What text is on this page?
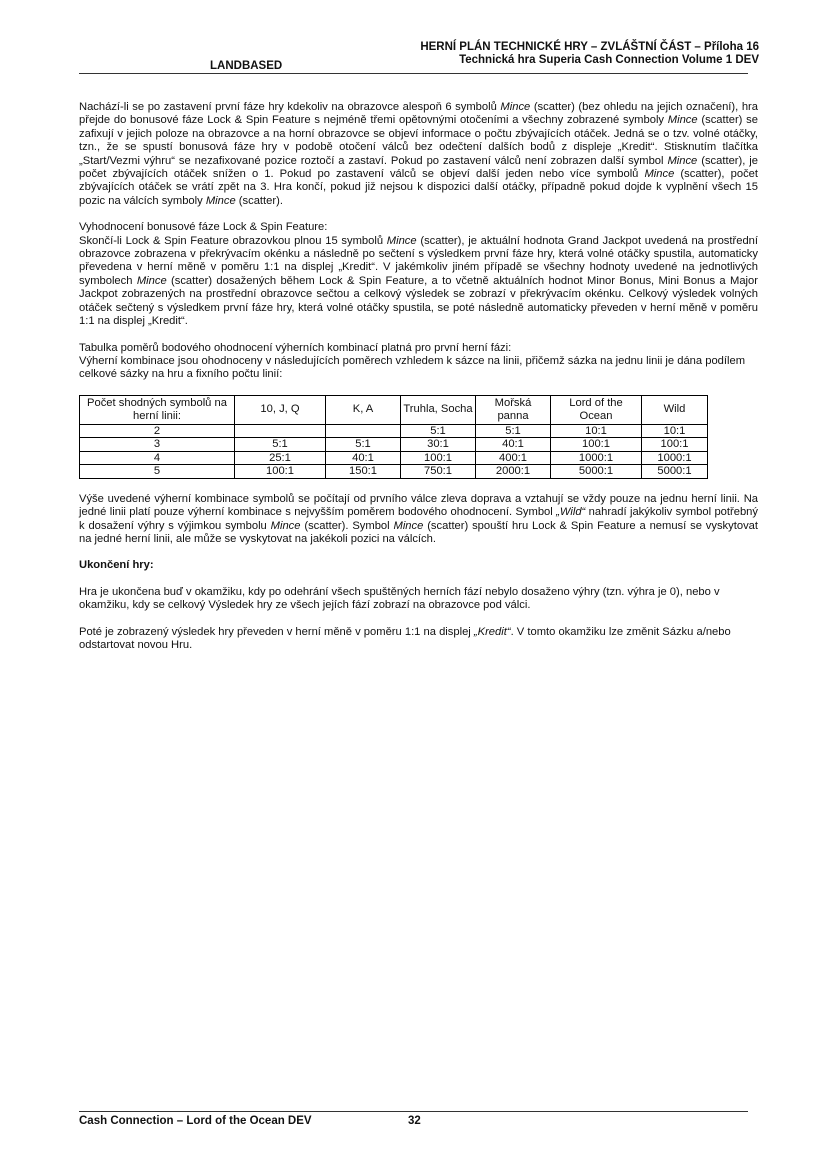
LANDBASED
HERNÍ PLÁN TECHNICKÉ HRY – ZVLÁŠTNÍ ČÁST – Příloha 16
Technická hra Superia Cash Connection Volume 1 DEV

Nachází-li se po zastavení první fáze hry kdekoliv na obrazovce alespoň 6 symbolů Mince (scatter) (bez ohledu na jejich označení), hra přejde do bonusové fáze Lock & Spin Feature s nejméně třemi opětovnými otočeními a všechny zobrazené symboly Mince (scatter) se zafixují v jejich poloze na obrazovce a na horní obrazovce se objeví informace o počtu zbývajících otáček. Jedná se o tzv. volné otáčky, tzn., že se spustí bonusová fáze hry v podobě otočení válců bez odečtení dalších bodů z displeje „Kredit“. Stisknutím tlačítka „Start/Vezmi výhru“ se nezafixované pozice roztočí a zastaví. Pokud po zastavení válců není zobrazen další symbol Mince (scatter), je počet zbývajících otáček snížen o 1. Pokud po zastavení válců se objeví další jeden nebo více symbolů Mince (scatter), počet zbývajících otáček se vrátí zpět na 3. Hra končí, pokud již nejsou k dispozici další otáčky, případně pokud dojde k vyplnění všech 15 pozic na válcích symboly Mince (scatter).

Vyhodnocení bonusové fáze Lock & Spin Feature:
Skončí-li Lock & Spin Feature obrazovkou plnou 15 symbolů Mince (scatter), je aktuální hodnota Grand Jackpot uvedená na prostřední obrazovce zobrazena v překrývacím okénku a následně po sečtení s výsledkem první fáze hry, která volné otáčky spustila, automaticky převedena v herní měně v poměru 1:1 na displej „Kredit“. V jakémkoliv jiném případě se všechny hodnoty uvedené na jednotlivých symbolech Mince (scatter) dosažených během Lock & Spin Feature, a to včetně aktuálních hodnot Minor Bonus, Mini Bonus a Major Jackpot zobrazených na prostřední obrazovce sečtou a celkový výsledek se zobrazí v překrývacím okénku. Celkový výsledek volných otáček sečtený s výsledkem první fáze hry, která volné otáčky spustila, se poté následně automaticky převeden v herní měně v poměru 1:1 na displej „Kredit“.

Tabulka poměrů bodového ohodnocení výherních kombinací platná pro první herní fázi:
Výherní kombinace jsou ohodnoceny v následujících poměrech vzhledem k sázce na linii, přičemž sázka na jednu linii je dána podílem celkové sázky na hru a fixního počtu linií:

Počet shodných symbolů na herní linii:	10, J, Q	K, A	Truhla, Socha	Mořská panna	Lord of the Ocean	Wild
2			5:1	5:1	10:1	10:1
3	5:1	5:1	30:1	40:1	100:1	100:1
4	25:1	40:1	100:1	400:1	1000:1	1000:1
5	100:1	150:1	750:1	2000:1	5000:1	5000:1

Výše uvedené výherní kombinace symbolů se počítají od prvního válce zleva doprava a vztahují se vždy pouze na jednu herní linii. Na jedné linii platí pouze výherní kombinace s nejvyšším poměrem bodového ohodnocení. Symbol „Wild“ nahradí jakýkoliv symbol potřebný k dosažení výhry s výjimkou symbolu Mince (scatter). Symbol Mince (scatter) spouští hru Lock & Spin Feature a nemusí se vyskytovat na jedné herní linii, ale může se vyskytovat na jakékoli pozici na válcích.

Ukončení hry:

Hra je ukončena buď v okamžiku, kdy po odehrání všech spuštěných herních fází nebylo dosaženo výhry (tzn. výhra je 0), nebo v okamžiku, kdy se celkový Výsledek hry ze všech jejích fází zobrazí na obrazovce pod válci.

Poté je zobrazený výsledek hry převeden v herní měně v poměru 1:1 na displej „Kredit“. V tomto okamžiku lze změnit Sázku a/nebo odstartovat novou Hru.

Cash Connection – Lord of the Ocean DEV	32
